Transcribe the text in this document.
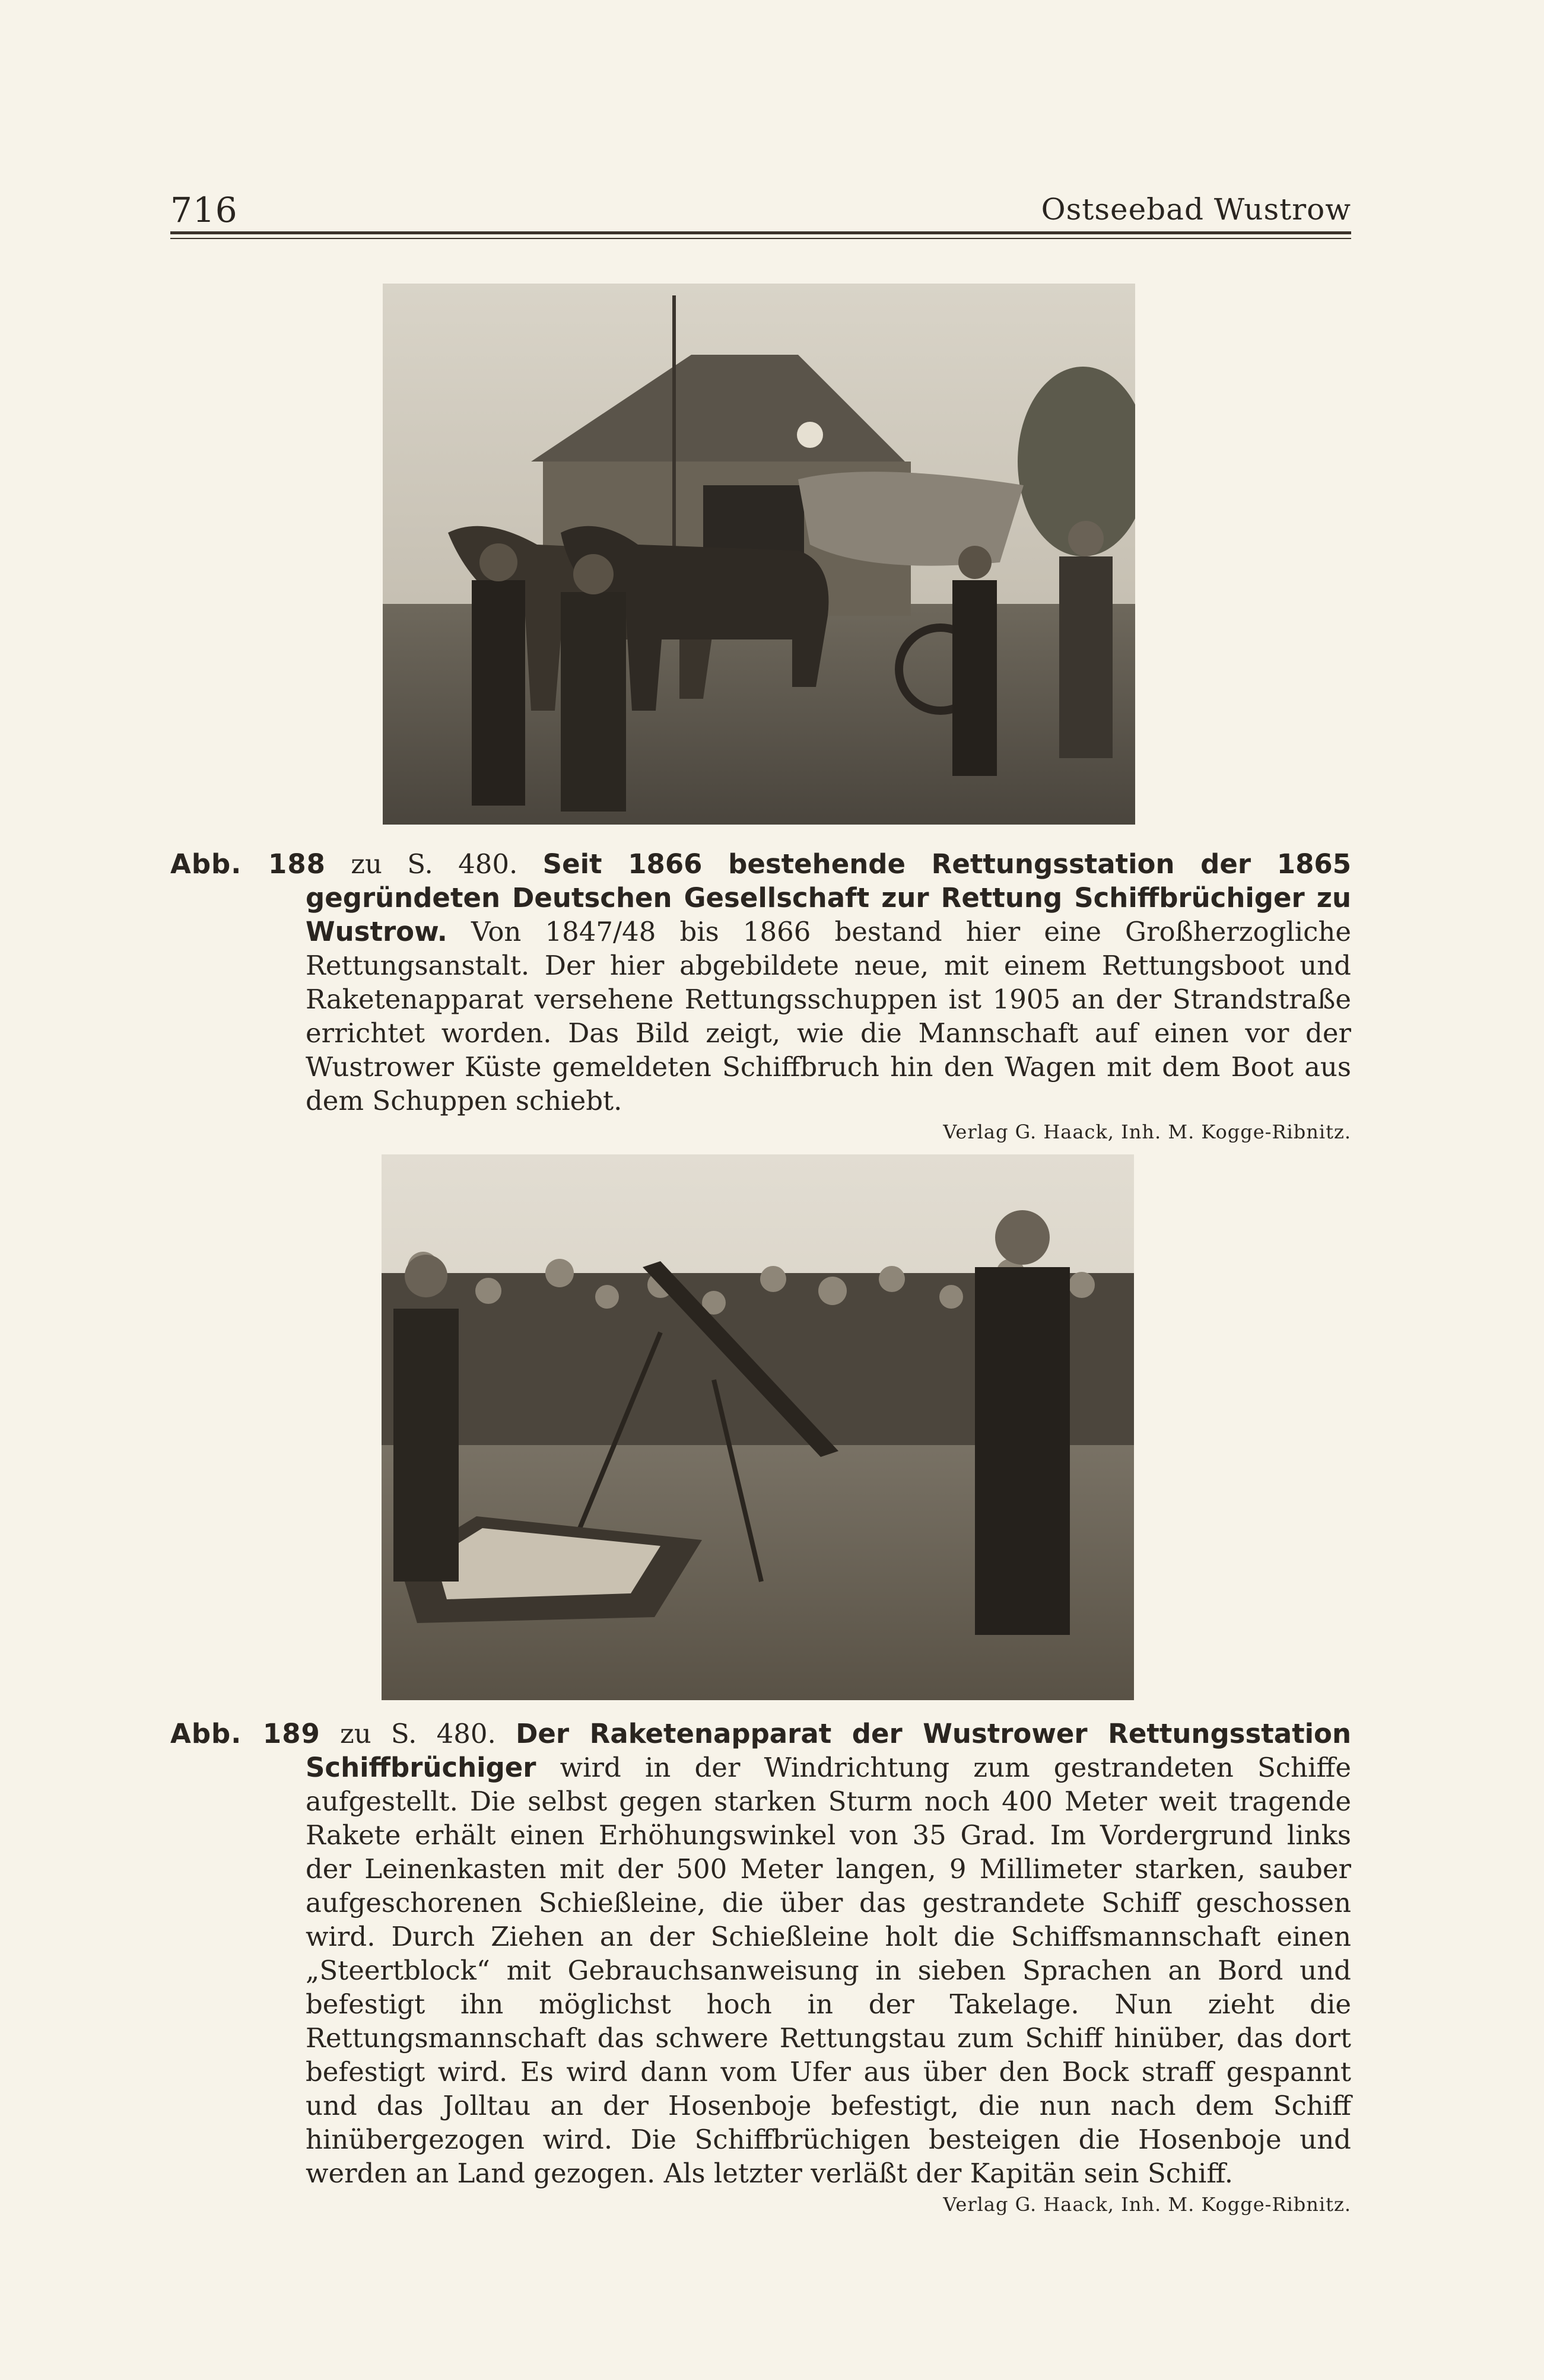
716	Ostseebad Wustrow
Abb. 188 zu S. 480. Seit 1866 bestehende Rettungsstation der 1865 gegründeten Deutschen Gesellschaft zur Rettung Schiffbrüchiger zu Wustrow. Von 1847/48 bis 1866 bestand hier eine Großherzogliche Rettungsanstalt. Der hier abgebildete neue, mit einem Rettungsboot und Raketenapparat versehene Rettungsschuppen ist 1905 an der Strandstraße errichtet worden. Das Bild zeigt, wie die Mannschaft auf einen vor der Wustrower Küste gemeldeten Schiffbruch hin den Wagen mit dem Boot aus dem Schuppen schiebt.
Verlag G. Haack, Inh. M. Kogge-Ribnitz.
Abb. 189 zu S. 480. Der Raketenapparat der Wustrower Rettungsstation Schiffbrüchiger wird in der Windrichtung zum gestrandeten Schiffe aufgestellt. Die selbst gegen starken Sturm noch 400 Meter weit tragende Rakete erhält einen Erhöhungswinkel von 35 Grad. Im Vordergrund links der Leinenkasten mit der 500 Meter langen, 9 Millimeter starken, sauber aufgeschorenen Schießleine, die über das gestrandete Schiff geschossen wird. Durch Ziehen an der Schießleine holt die Schiffsmannschaft einen „Steertblock“ mit Gebrauchsanweisung in sieben Sprachen an Bord und befestigt ihn möglichst hoch in der Takelage. Nun zieht die Rettungsmannschaft das schwere Rettungstau zum Schiff hinüber, das dort befestigt wird. Es wird dann vom Ufer aus über den Bock straff gespannt und das Jolltau an der Hosenboje befestigt, die nun nach dem Schiff hinübergezogen wird. Die Schiffbrüchigen besteigen die Hosenboje und werden an Land gezogen. Als letzter verläßt der Kapitän sein Schiff.
Verlag G. Haack, Inh. M. Kogge-Ribnitz.
